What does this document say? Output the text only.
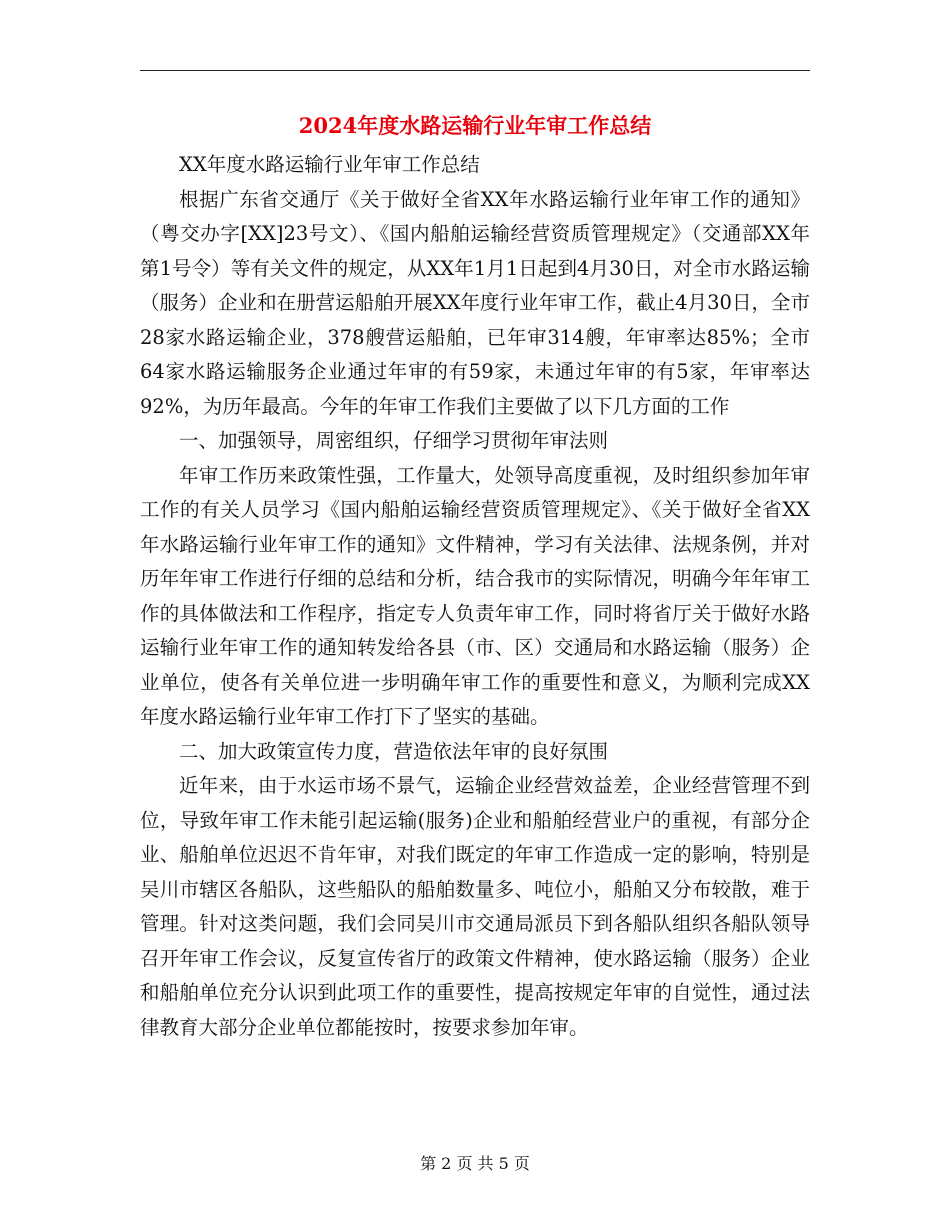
2024年度水路运输行业年审工作总结

XX年度水路运输行业年审工作总结

根据广东省交通厅《关于做好全省XX年水路运输行业年审工作的通知》（粤交办字[XX]23号文）、《国内船舶运输经营资质管理规定》（交通部XX年第1号令）等有关文件的规定，从XX年1月1日起到4月30日，对全市水路运输（服务）企业和在册营运船舶开展XX年度行业年审工作，截止4月30日，全市28家水路运输企业，378艘营运船舶，已年审314艘，年审率达85%；全市64家水路运输服务企业通过年审的有59家，未通过年审的有5家，年审率达92%，为历年最高。今年的年审工作我们主要做了以下几方面的工作

一、加强领导，周密组织，仔细学习贯彻年审法则

年审工作历来政策性强，工作量大，处领导高度重视，及时组织参加年审工作的有关人员学习《国内船舶运输经营资质管理规定》、《关于做好全省XX年水路运输行业年审工作的通知》文件精神，学习有关法律、法规条例，并对历年年审工作进行仔细的总结和分析，结合我市的实际情况，明确今年年审工作的具体做法和工作程序，指定专人负责年审工作，同时将省厅关于做好水路运输行业年审工作的通知转发给各县（市、区）交通局和水路运输（服务）企业单位，使各有关单位进一步明确年审工作的重要性和意义，为顺利完成XX年度水路运输行业年审工作打下了坚实的基础。

二、加大政策宣传力度，营造依法年审的良好氛围

近年来，由于水运市场不景气，运输企业经营效益差，企业经营管理不到位，导致年审工作未能引起运输(服务)企业和船舶经营业户的重视，有部分企业、船舶单位迟迟不肯年审，对我们既定的年审工作造成一定的影响，特别是吴川市辖区各船队，这些船队的船舶数量多、吨位小，船舶又分布较散，难于管理。针对这类问题，我们会同吴川市交通局派员下到各船队组织各船队领导召开年审工作会议，反复宣传省厅的政策文件精神，使水路运输（服务）企业和船舶单位充分认识到此项工作的重要性，提高按规定年审的自觉性，通过法律教育大部分企业单位都能按时，按要求参加年审。

第 2 页 共 5 页
